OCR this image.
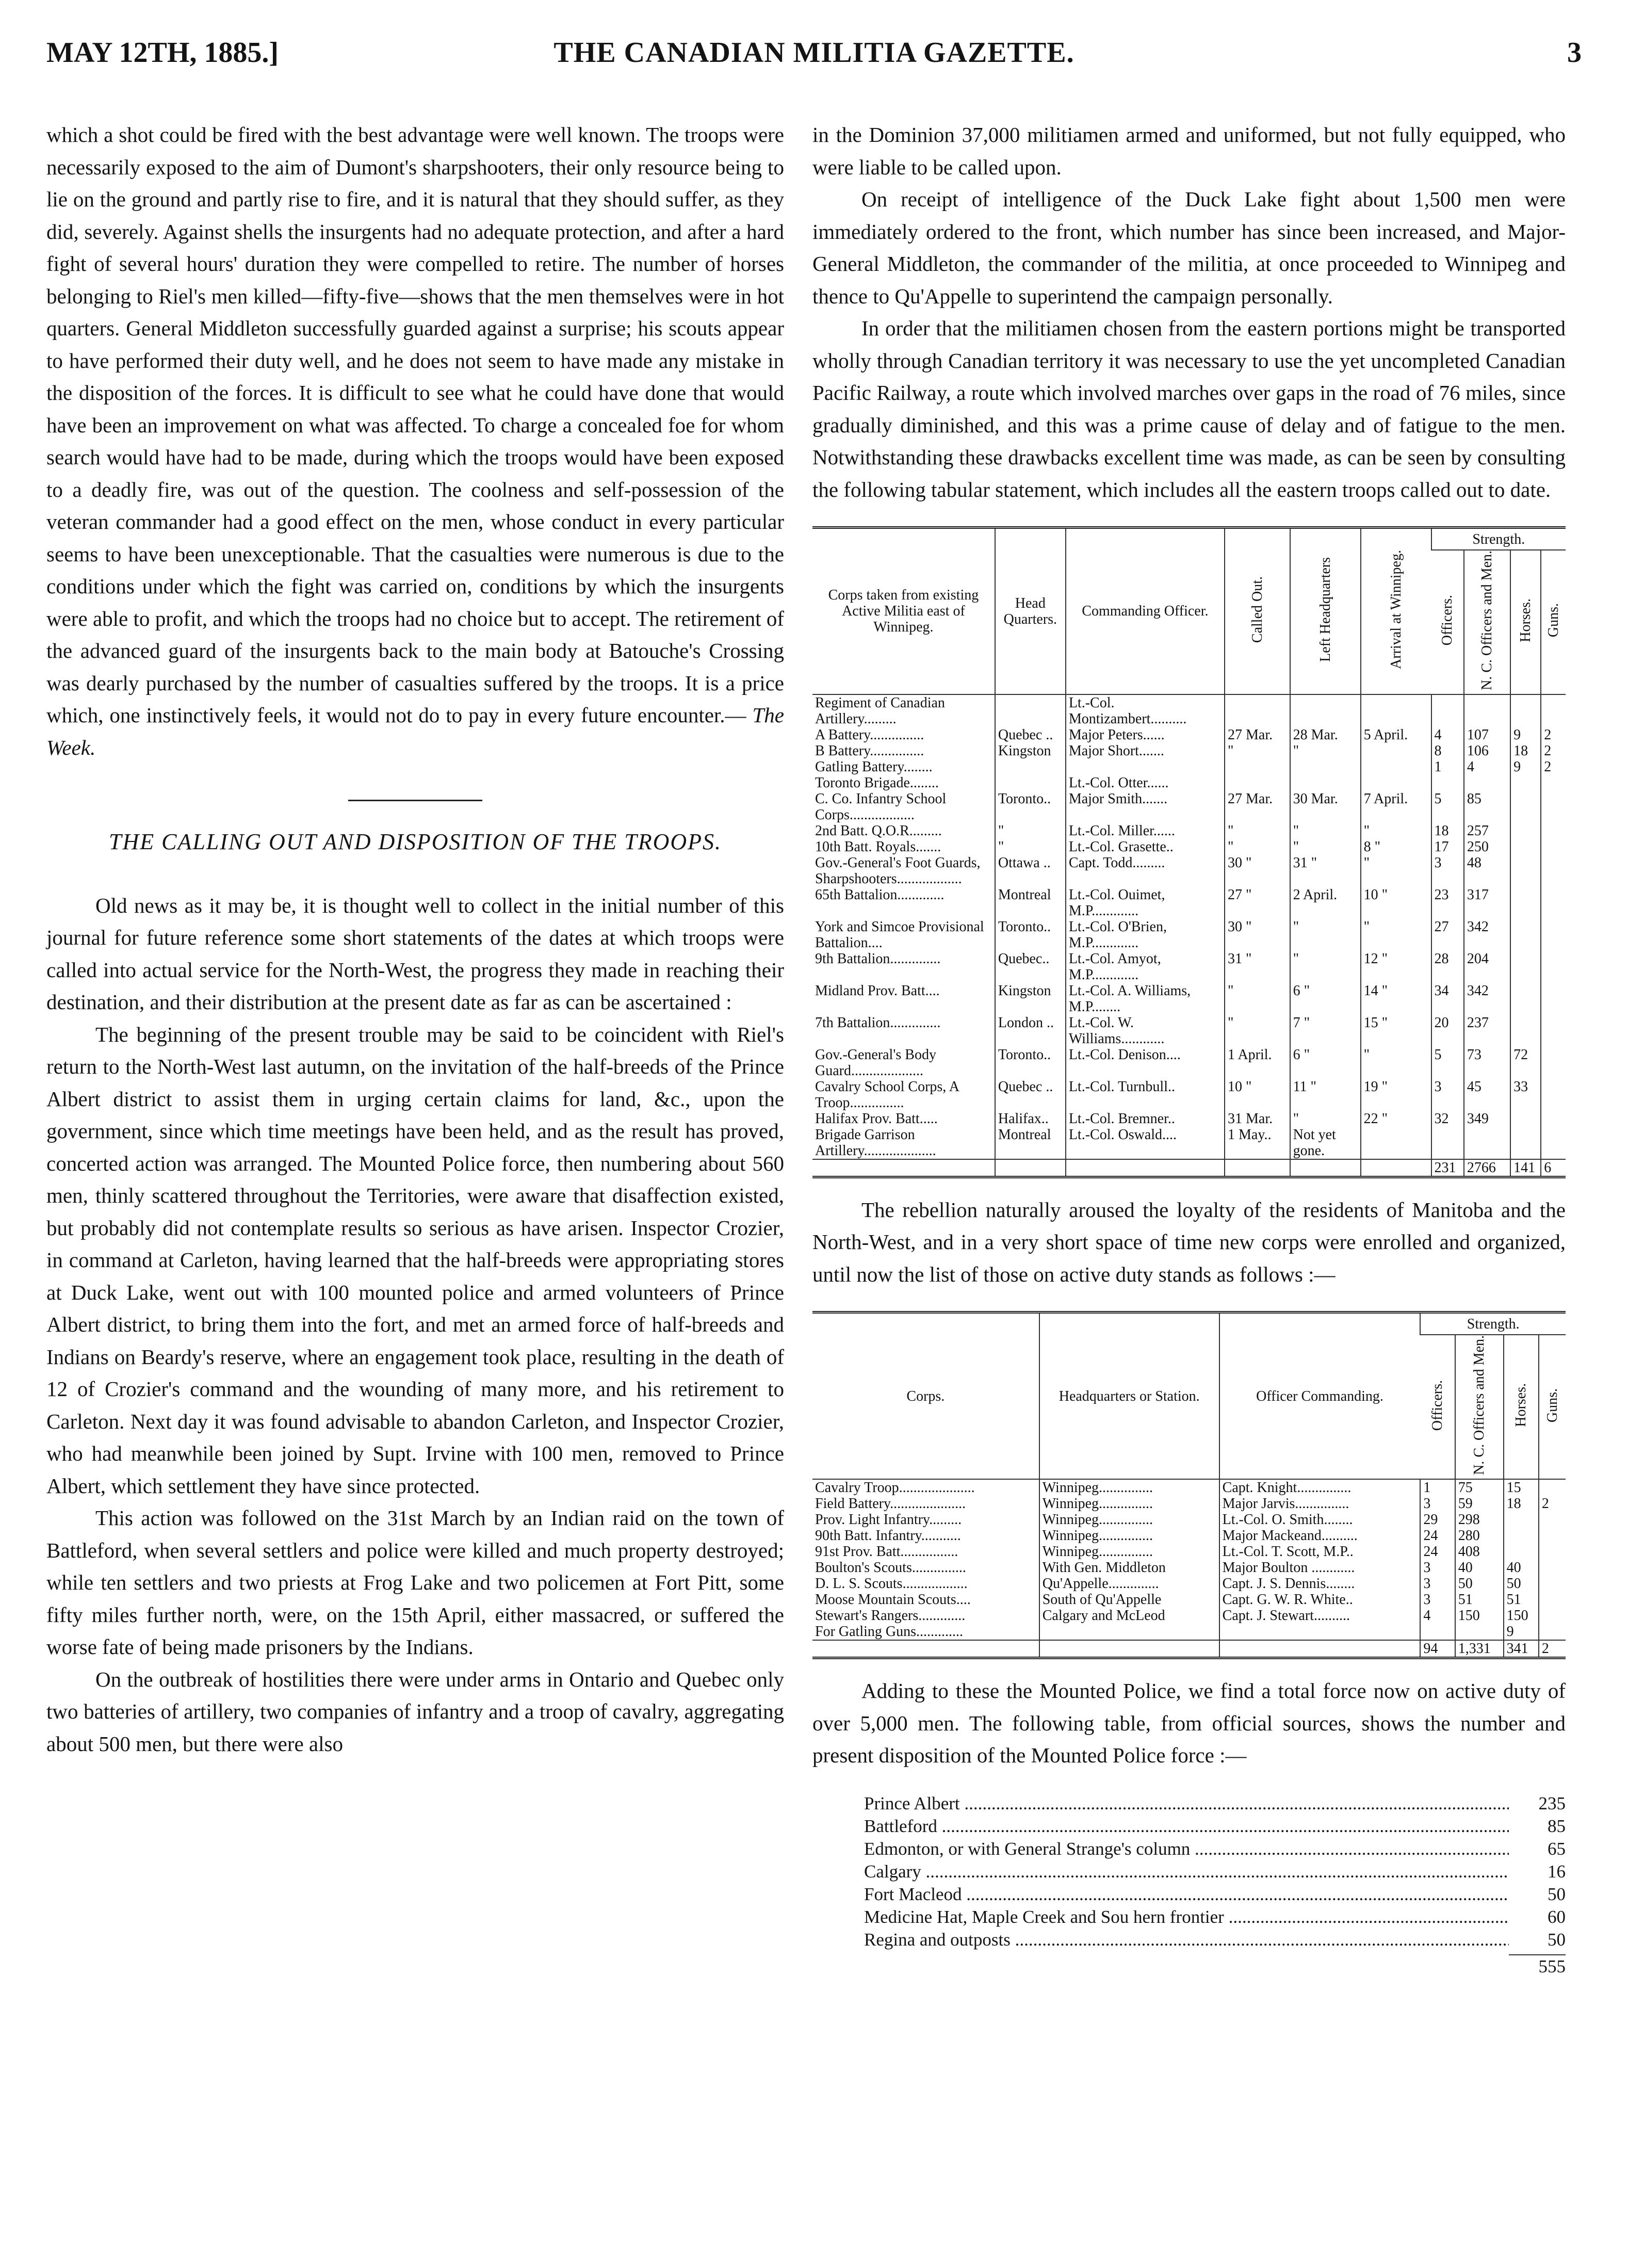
MAY 12TH, 1885.]	THE CANADIAN MILITIA GAZETTE.	3

which a shot could be fired with the best advantage were well known. The troops were necessarily exposed to the aim of Dumont's sharpshooters, their only resource being to lie on the ground and partly rise to fire, and it is natural that they should suffer, as they did, severely. Against shells the insurgents had no adequate protection, and after a hard fight of several hours' duration they were compelled to retire. The number of horses belonging to Riel's men killed—fifty-five—shows that the men themselves were in hot quarters. General Middleton successfully guarded against a surprise; his scouts appear to have performed their duty well, and he does not seem to have made any mistake in the disposition of the forces. It is difficult to see what he could have done that would have been an improvement on what was affected. To charge a concealed foe for whom search would have had to be made, during which the troops would have been exposed to a deadly fire, was out of the question. The coolness and self-possession of the veteran commander had a good effect on the men, whose conduct in every particular seems to have been unexceptionable. That the casualties were numerous is due to the conditions under which the fight was carried on, conditions by which the insurgents were able to profit, and which the troops had no choice but to accept. The retirement of the advanced guard of the insurgents back to the main body at Batouche's Crossing was dearly purchased by the number of casualties suffered by the troops. It is a price which, one instinctively feels, it would not do to pay in every future encounter.— The Week.

THE CALLING OUT AND DISPOSITION OF THE TROOPS.

Old news as it may be, it is thought well to collect in the initial number of this journal for future reference some short statements of the dates at which troops were called into actual service for the North-West, the progress they made in reaching their destination, and their distribution at the present date as far as can be ascertained :

The beginning of the present trouble may be said to be coincident with Riel's return to the North-West last autumn, on the invitation of the half-breeds of the Prince Albert district to assist them in urging certain claims for land, &c., upon the government, since which time meetings have been held, and as the result has proved, concerted action was arranged. The Mounted Police force, then numbering about 560 men, thinly scattered throughout the Territories, were aware that disaffection existed, but probably did not contemplate results so serious as have arisen. Inspector Crozier, in command at Carleton, having learned that the half-breeds were appropriating stores at Duck Lake, went out with 100 mounted police and armed volunteers of Prince Albert district, to bring them into the fort, and met an armed force of half-breeds and Indians on Beardy's reserve, where an engagement took place, resulting in the death of 12 of Crozier's command and the wounding of many more, and his retirement to Carleton. Next day it was found advisable to abandon Carleton, and Inspector Crozier, who had meanwhile been joined by Supt. Irvine with 100 men, removed to Prince Albert, which settlement they have since protected.

This action was followed on the 31st March by an Indian raid on the town of Battleford, when several settlers and police were killed and much property destroyed; while ten settlers and two priests at Frog Lake and two policemen at Fort Pitt, some fifty miles further north, were, on the 15th April, either massacred, or suffered the worse fate of being made prisoners by the Indians.

On the outbreak of hostilities there were under arms in Ontario and Quebec only two batteries of artillery, two companies of infantry and a troop of cavalry, aggregating about 500 men, but there were also

in the Dominion 37,000 militiamen armed and uniformed, but not fully equipped, who were liable to be called upon.

On receipt of intelligence of the Duck Lake fight about 1,500 men were immediately ordered to the front, which number has since been increased, and Major-General Middleton, the commander of the militia, at once proceeded to Winnipeg and thence to Qu'Appelle to superintend the campaign personally.

In order that the militiamen chosen from the eastern portions might be transported wholly through Canadian territory it was necessary to use the yet uncompleted Canadian Pacific Railway, a route which involved marches over gaps in the road of 76 miles, since gradually diminished, and this was a prime cause of delay and of fatigue to the men. Notwithstanding these drawbacks excellent time was made, as can be seen by consulting the following tabular statement, which includes all the eastern troops called out to date.

Corps taken from existing Active Militia east of Winnipeg.	Head Quarters.	Commanding Officer.	Called Out.	Left Headquarters	Arrival at Winnipeg.	Strength.			
						Officers.	N. C. Officers and Men.	Horses.	Guns.
Regiment of Canadian Artillery.........		Lt.-Col. Montizambert..........							
A Battery...............	Quebec ..	Major Peters......	27 Mar.	28 Mar.	5 April.	4	107	9	2
B Battery...............	Kingston	Major Short.......	"	"		8	106	18	2
Gatling Battery........						1	4	9	2
Toronto Brigade........		Lt.-Col. Otter......							
C. Co. Infantry School Corps..................	Toronto..	Major Smith.......	27 Mar.	30 Mar.	7 April.	5	85		
2nd Batt. Q.O.R.........	"	Lt.-Col. Miller......	"	"	"	18	257		
10th Batt. Royals.......	"	Lt.-Col. Grasette..	"	"	8 "	17	250		
Gov.-General's Foot Guards, Sharpshooters..................	Ottawa ..	Capt. Todd.........	30 "	31 "	"	3	48		
65th Battalion.............	Montreal	Lt.-Col. Ouimet, M.P.............	27 "	2 April.	10 "	23	317		
York and Simcoe Provisional Battalion....	Toronto..	Lt.-Col. O'Brien, M.P.............	30 "	"	"	27	342		
9th Battalion..............	Quebec..	Lt.-Col. Amyot, M.P.............	31 "	"	12 "	28	204		
Midland Prov. Batt....	Kingston	Lt.-Col. A. Williams, M.P........	"	6 "	14 "	34	342		
7th Battalion..............	London ..	Lt.-Col. W. Williams............	"	7 "	15 "	20	237		
Gov.-General's Body Guard....................	Toronto..	Lt.-Col. Denison....	1 April.	6 "	"	5	73	72	
Cavalry School Corps, A Troop...............	Quebec ..	Lt.-Col. Turnbull..	10 "	11 "	19 "	3	45	33	
Halifax Prov. Batt.....	Halifax..	Lt.-Col. Bremner..	31 Mar.	"	22 "	32	349		
Brigade Garrison Artillery....................	Montreal	Lt.-Col. Oswald....	1 May..	Not yet gone.					
						231	2766	141	6

The rebellion naturally aroused the loyalty of the residents of Manitoba and the North-West, and in a very short space of time new corps were enrolled and organized, until now the list of those on active duty stands as follows :—

Corps.	Headquarters or Station.	Officer Commanding.	Strength.			
			Officers.	N. C. Officers and Men.	Horses.	Guns.
Cavalry Troop.....................	Winnipeg...............	Capt. Knight...............	1	75	15	
Field Battery.....................	Winnipeg...............	Major Jarvis...............	3	59	18	2
Prov. Light Infantry.........	Winnipeg...............	Lt.-Col. O. Smith........	29	298		
90th Batt. Infantry...........	Winnipeg...............	Major Mackeand..........	24	280		
91st Prov. Batt................	Winnipeg...............	Lt.-Col. T. Scott, M.P..	24	408		
Boulton's Scouts...............	With Gen. Middleton	Major Boulton ............	3	40	40	
D. L. S. Scouts..................	Qu'Appelle..............	Capt. J. S. Dennis........	3	50	50	
Moose Mountain Scouts....	South of Qu'Appelle	Capt. G. W. R. White..	3	51	51	
Stewart's Rangers.............	Calgary and McLeod	Capt. J. Stewart..........	4	150	150	
For Gatling Guns.............					9	
			94	1,331	341	2

Adding to these the Mounted Police, we find a total force now on active duty of over 5,000 men. The following table, from official sources, shows the number and present disposition of the Mounted Police force :—

Prince Albert .....	235
Battleford .....	85
Edmonton, or with General Strange's column .....	65
Calgary .....	16
Fort Macleod .....	50
Medicine Hat, Maple Creek and Sou hern frontier .....	60
Regina and outposts .....	50
555
